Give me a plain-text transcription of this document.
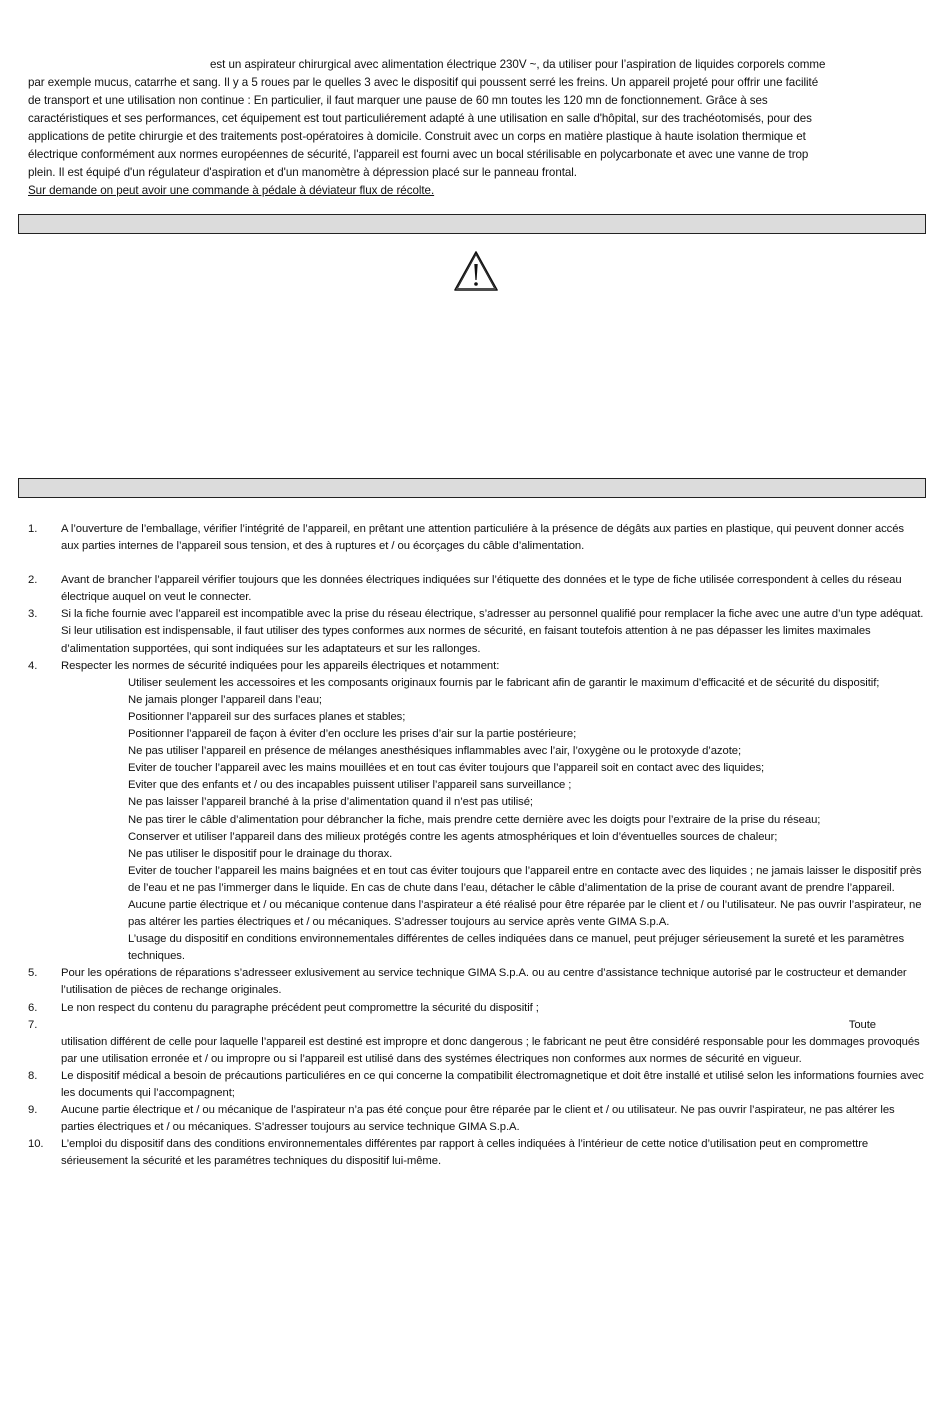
est un aspirateur chirurgical avec alimentation électrique 230V ~, da utiliser pour l’aspiration de liquides corporels comme
par exemple mucus, catarrhe et sang. Il y a 5 roues par le quelles 3 avec le dispositif qui poussent serré les freins. Un appareil projeté pour offrir une facilité
de transport et une utilisation non continue : En particulier, il faut marquer une pause de 60 mn toutes les 120 mn de fonctionnement. Grâce à ses
caractéristiques et ses performances, cet équipement est tout particuliérement adapté à une utilisation en salle d'hôpital, sur des trachéotomisés, pour des
applications de petite chirurgie et des traitements post-opératoires à domicile. Construit avec un corps en matière plastique à haute isolation thermique et
électrique conformément aux normes européennes de sécurité, l'appareil est fourni avec un bocal stérilisable en polycarbonate et avec une vanne de trop
plein. Il est équipé d'un régulateur d'aspiration et d'un manomètre à dépression placé sur le panneau frontal.
Sur demande on peut avoir une commande à pédale à déviateur flux de récolte.
1. A l’ouverture de l’emballage, vérifier l’intégrité de l’appareil, en prêtant une attention particuliére à la présence de dégâts aux parties en plastique, qui peuvent donner accés aux parties internes de l’appareil sous tension, et des à ruptures et / ou écorçages du câble d’alimentation.
2. Avant de brancher l’appareil vérifier toujours que les données électriques indiquées sur l’étiquette des données et le type de fiche utilisée correspondent à celles du réseau électrique auquel on veut le connecter.
3. Si la fiche fournie avec l’appareil est incompatible avec la prise du réseau électrique, s’adresser au personnel qualifié pour remplacer la fiche avec une autre d’un type adéquat. Si leur utilisation est indispensable, il faut utiliser des types conformes aux normes de sécurité, en faisant toutefois attention à ne pas dépasser les limites maximales d’alimentation supportées, qui sont indiquées sur les adaptateurs et sur les rallonges.
4. Respecter les normes de sécurité indiquées pour les appareils électriques et notamment:
Utiliser seulement les accessoires et les composants originaux fournis par le fabricant afin de garantir le maximum d’efficacité et de sécurité du dispositif;
Ne jamais plonger l’appareil dans l’eau;
Positionner l’appareil sur des surfaces planes et stables;
Positionner l’appareil de façon à éviter d’en occlure les prises d’air sur la partie postérieure;
Ne pas utiliser l’appareil en présence de mélanges anesthésiques inflammables avec l’air, l’oxygène ou le protoxyde d’azote;
Eviter de toucher l’appareil avec les mains mouillées et en tout cas éviter toujours que l’appareil soit en contact avec des liquides;
Eviter que des enfants et / ou des incapables puissent utiliser l’appareil sans surveillance ;
Ne pas laisser l’appareil branché à la prise d’alimentation quand il n’est pas utilisé;
Ne pas tirer le câble d’alimentation pour débrancher la fiche, mais prendre cette dernière avec les doigts pour l’extraire de la prise du réseau;
Conserver et utiliser l’appareil dans des milieux protégés contre les agents atmosphériques et loin d’éventuelles sources de chaleur;
Ne pas utiliser le dispositif pour le drainage du thorax.
Eviter de toucher l’appareil les mains baignées et en tout cas éviter toujours que l’appareil entre en contacte avec des liquides ; ne jamais laisser le dispositif près de l’eau et ne pas l’immerger dans le liquide. En cas de chute dans l’eau, détacher le câble d’alimentation de la prise de courant avant de prendre l’appareil.
Aucune partie électrique et / ou mécanique contenue dans l’aspirateur a été réalisé pour être réparée par le client et / ou l’utilisateur. Ne pas ouvrir l’aspirateur, ne pas altérer les parties électriques et / ou mécaniques. S’adresser toujours au service après vente GIMA S.p.A.
L’usage du dispositif en conditions environnementales différentes de celles indiquées dans ce manuel, peut préjuger sérieusement la sureté et les paramètres techniques.
5. Pour les opérations de réparations s’adresseer exlusivement au service technique GIMA S.p.A. ou au centre d’assistance technique autorisé par le costructeur et demander l’utilisation de pièces de rechange originales.
6. Le non respect du contenu du paragraphe précédent peut compromettre la sécurité du dispositif ;
7.	Toute
utilisation différent de celle pour laquelle l’appareil est destiné est impropre et donc dangerous ; le fabricant ne peut être considéré responsable pour les dommages provoqués par une utilisation erronée et / ou impropre ou si l’appareil est utilisé dans des systémes électriques non conformes aux normes de sécurité en vigueur.
8. Le dispositif médical a besoin de précautions particuliéres en ce qui concerne la compatibilit électromagnetique et doit être installé et utilisé selon les informations fournies avec les documents qui l’accompagnent;
9. Aucune partie électrique et / ou mécanique de l’aspirateur n’a pas été conçue pour être réparée par le client et / ou utilisateur. Ne pas ouvrir l’aspirateur, ne pas altérer les parties électriques et / ou mécaniques. S’adresser toujours au service technique GIMA S.p.A.
10. L’emploi du dispositif dans des conditions environnementales différentes par rapport à celles indiquées à l’intérieur de cette notice d’utilisation peut en compromettre sérieusement la sécurité et les paramétres techniques du dispositif lui-même.
